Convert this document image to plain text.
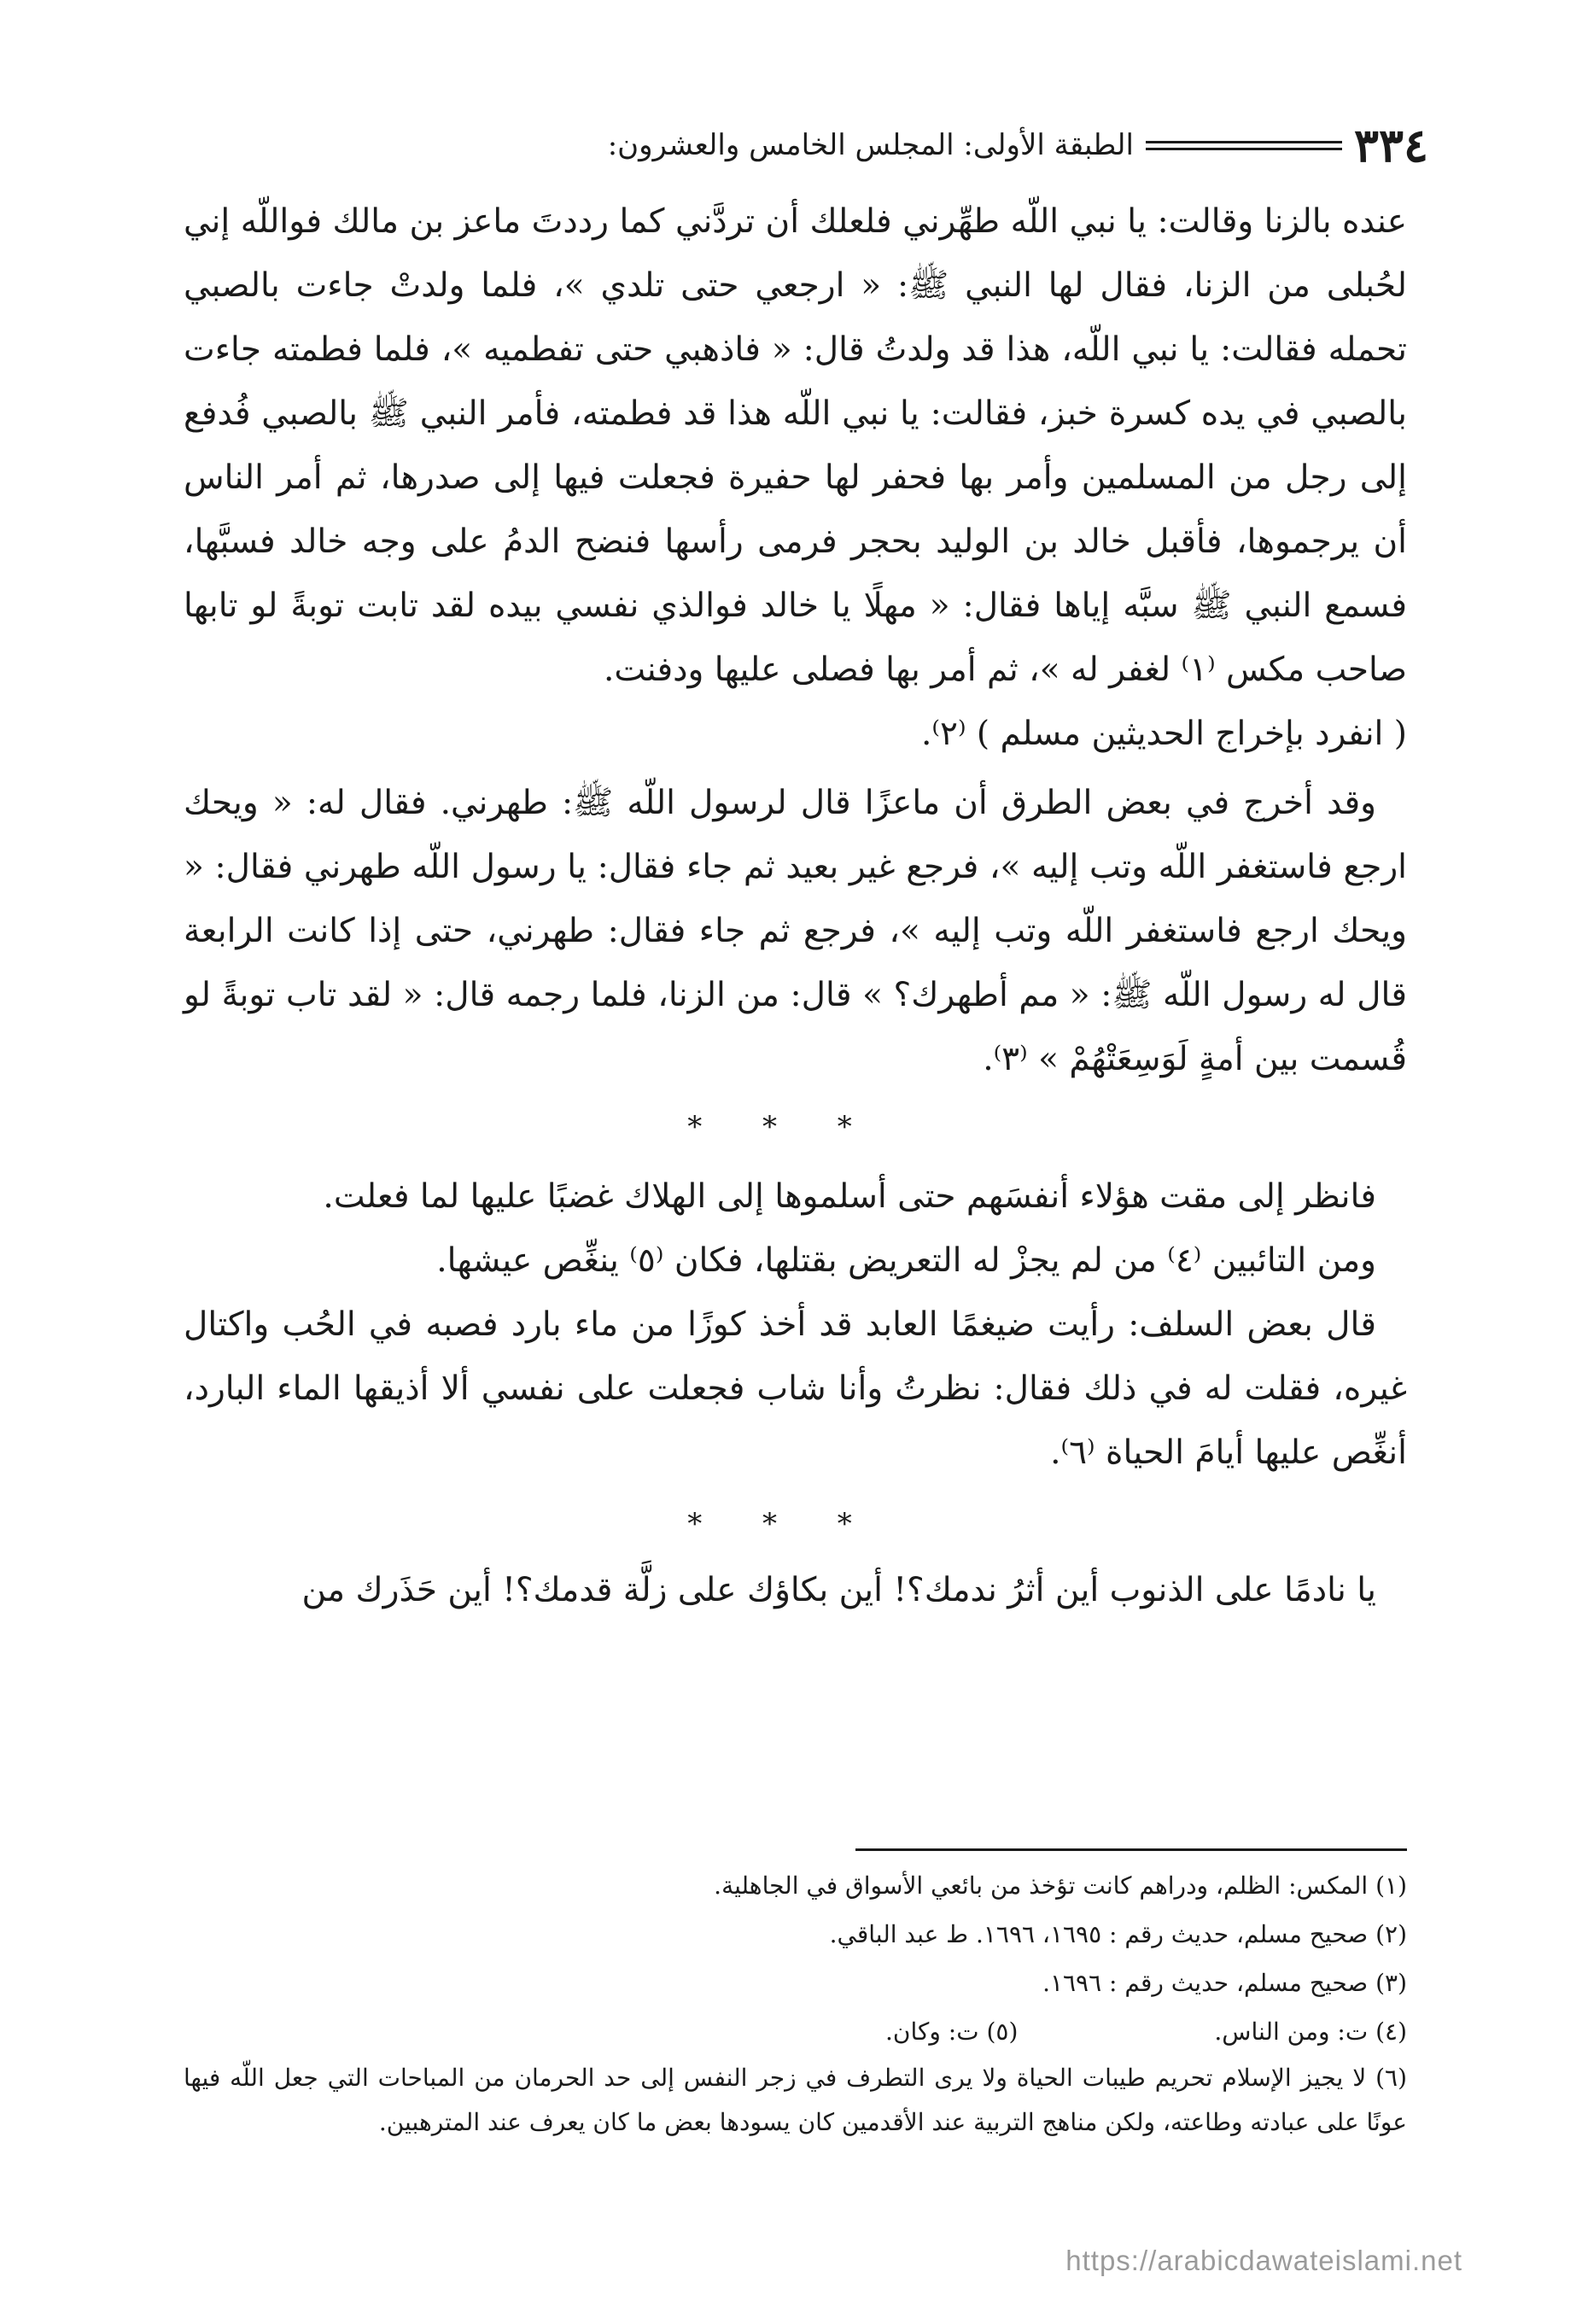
٣٣٤
الطبقة الأولى: المجلس الخامس والعشرون:

عنده بالزنا وقالت: يا نبي اللّه طهِّرني فلعلك أن تردَّني كما رددتَ ماعز بن مالك فواللّه إني لحُبلى من الزنا، فقال لها النبي ﷺ: « ارجعي حتى تلدي »، فلما ولدتْ جاءت بالصبي تحمله فقالت: يا نبي اللّه، هذا قد ولدتُ قال: « فاذهبي حتى تفطميه »، فلما فطمته جاءت بالصبي في يده كسرة خبز، فقالت: يا نبي اللّه هذا قد فطمته، فأمر النبي ﷺ بالصبي فُدفع إلى رجل من المسلمين وأمر بها فحفر لها حفيرة فجعلت فيها إلى صدرها، ثم أمر الناس أن يرجموها، فأقبل خالد بن الوليد بحجر فرمى رأسها فنضح الدمُ على وجه خالد فسبَّها، فسمع النبي ﷺ سبَّه إياها فقال: « مهلًا يا خالد فوالذي نفسي بيده لقد تابت توبةً لو تابها صاحب مكس ⁽١⁾ لغفر له »، ثم أمر بها فصلى عليها ودفنت.

( انفرد بإخراج الحديثين مسلم ) ⁽٢⁾.

وقد أخرج في بعض الطرق أن ماعزًا قال لرسول اللّه ﷺ: طهرني. فقال له: « ويحك ارجع فاستغفر اللّه وتب إليه »، فرجع غير بعيد ثم جاء فقال: يا رسول اللّه طهرني فقال: « ويحك ارجع فاستغفر اللّه وتب إليه »، فرجع ثم جاء فقال: طهرني، حتى إذا كانت الرابعة قال له رسول اللّه ﷺ: « مم أطهرك؟ » قال: من الزنا، فلما رجمه قال: « لقد تاب توبةً لو قُسمت بين أمةٍ لَوَسِعَتْهُمْ » ⁽٣⁾.

* * *

فانظر إلى مقت هؤلاء أنفسَهم حتى أسلموها إلى الهلاك غضبًا عليها لما فعلت.

ومن التائبين ⁽٤⁾ من لم يجزْ له التعريض بقتلها، فكان ⁽٥⁾ ينغِّص عيشها.

قال بعض السلف: رأيت ضيغمًا العابد قد أخذ كوزًا من ماء بارد فصبه في الحُب واكتال غيره، فقلت له في ذلك فقال: نظرتُ وأنا شاب فجعلت على نفسي ألا أذيقها الماء البارد، أنغِّص عليها أيامَ الحياة ⁽٦⁾.

* * *

يا نادمًا على الذنوب أين أثرُ ندمك؟! أين بكاؤك على زلَّة قدمك؟! أين حَذَرك من

(١) المكس: الظلم، ودراهم كانت تؤخذ من بائعي الأسواق في الجاهلية.

(٢) صحيح مسلم، حديث رقم : ١٦٩٥، ١٦٩٦. ط عبد الباقي.

(٣) صحيح مسلم، حديث رقم : ١٦٩٦.

(٤) ت: ومن الناس.

(٥) ت: وكان.

(٦) لا يجيز الإسلام تحريم طيبات الحياة ولا يرى التطرف في زجر النفس إلى حد الحرمان من المباحات التي جعل اللّه فيها عونًا على عبادته وطاعته، ولكن مناهج التربية عند الأقدمين كان يسودها بعض ما كان يعرف عند المترهبين.

https://arabicdawateislami.net
